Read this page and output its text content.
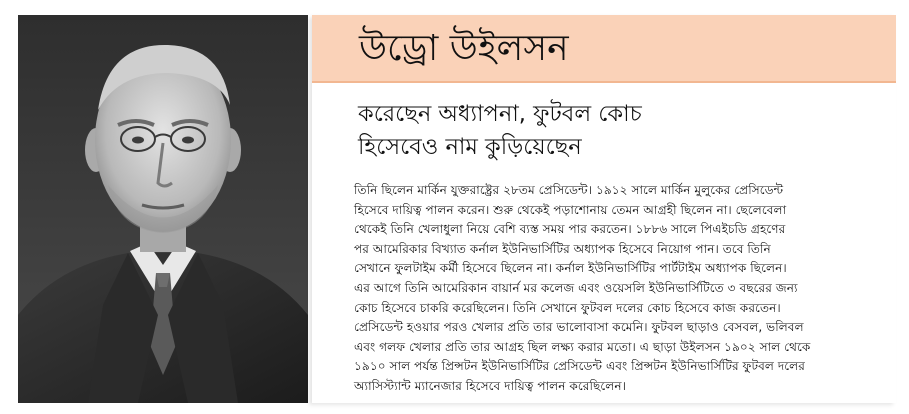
উড্রো উইলসন
করেছেন অধ্যাপনা, ফুটবল কোচ
হিসেবেও নাম কুড়িয়েছেন
তিনি ছিলেন মার্কিন যুক্তরাষ্ট্রের ২৮তম প্রেসিডেন্ট। ১৯১২ সালে মার্কিন মুলুকের প্রেসিডেন্ট
হিসেবে দায়িত্ব পালন করেন। শুরু থেকেই পড়াশোনায় তেমন আগ্রহী ছিলেন না। ছেলেবেলা
থেকেই তিনি খেলাধুলা নিয়ে বেশি ব্যস্ত সময় পার করতেন। ১৮৮৬ সালে পিএইচডি গ্রহণের
পর আমেরিকার বিখ্যাত কর্নাল ইউনিভার্সিটির অধ্যাপক হিসেবে নিয়োগ পান। তবে তিনি
সেখানে ফুলটাইম কর্মী হিসেবে ছিলেন না। কর্নাল ইউনিভার্সিটির পার্টটাইম অধ্যাপক ছিলেন।
এর আগে তিনি আমেরিকান বায়ার্ন মর কলেজ এবং ওয়েসলি ইউনিভার্সিটিতে ৩ বছরের জন্য
কোচ হিসেবে চাকরি করেছিলেন। তিনি সেখানে ফুটবল দলের কোচ হিসেবে কাজ করতেন।
প্রেসিডেন্ট হওয়ার পরও খেলার প্রতি তার ভালোবাসা কমেনি। ফুটবল ছাড়াও বেসবল, ভলিবল
এবং গলফ খেলার প্রতি তার আগ্রহ ছিল লক্ষ্য করার মতো। এ ছাড়া উইলসন ১৯০২ সাল থেকে
১৯১০ সাল পর্যন্ত প্রিন্সটন ইউনিভার্সিটির প্রেসিডেন্ট এবং প্রিন্সটন ইউনিভার্সিটির ফুটবল দলের
অ্যাসিস্ট্যান্ট ম্যানেজার হিসেবে দায়িত্ব পালন করেছিলেন।
